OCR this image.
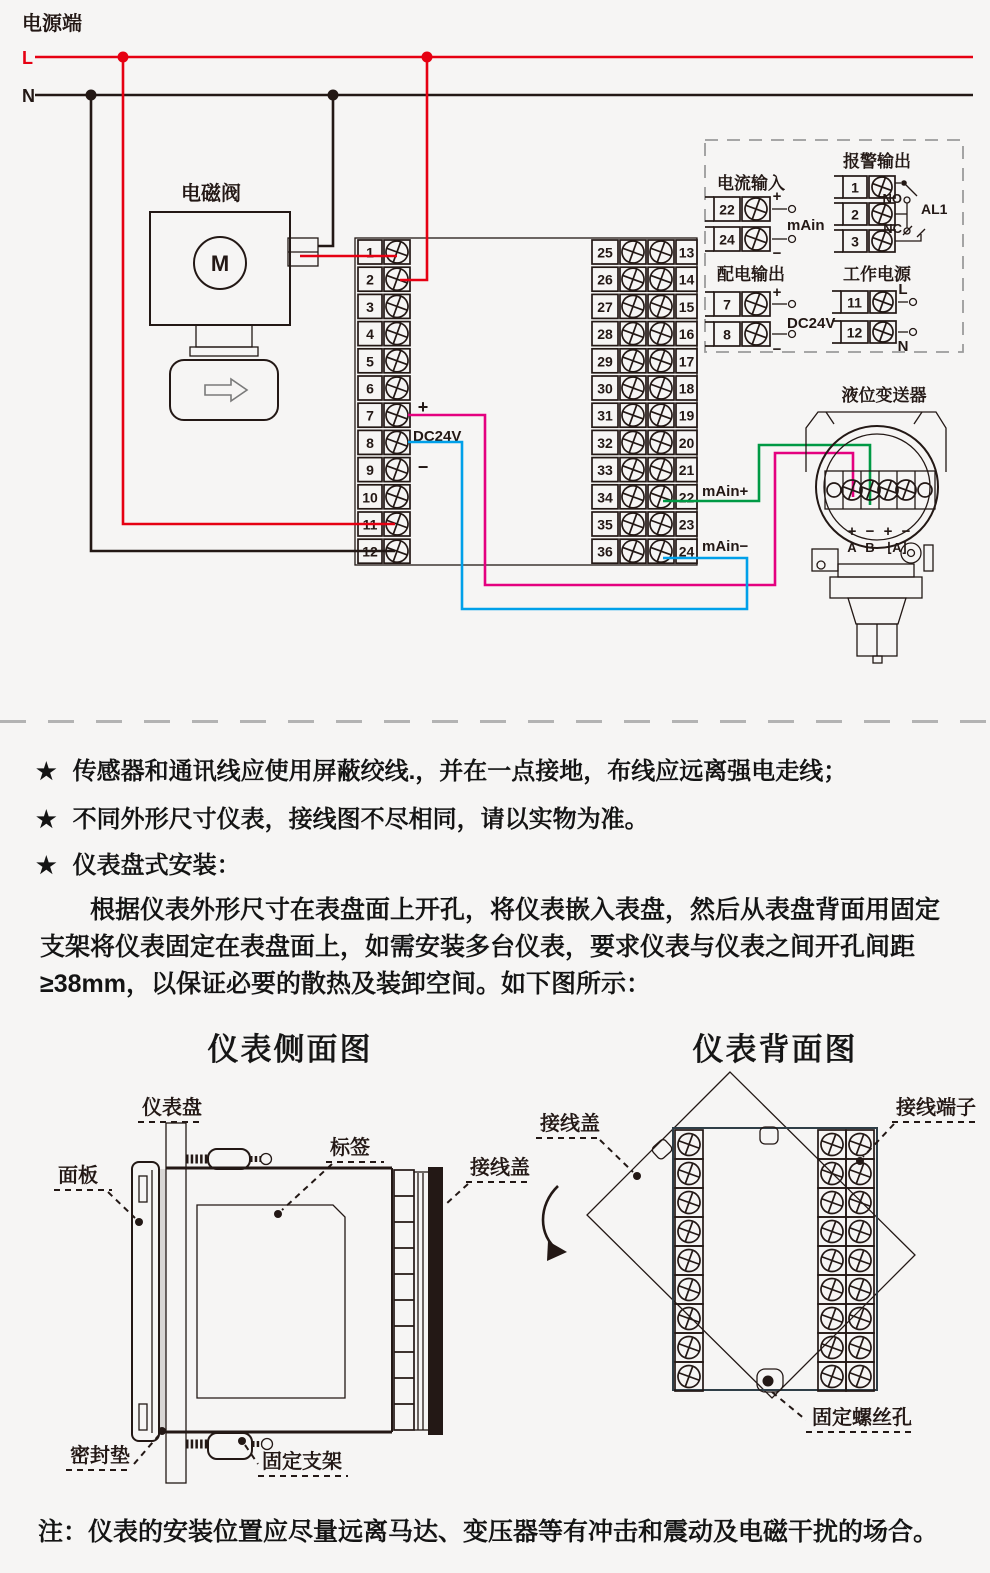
电源端
L
N
电磁阀
M	1
2
3
4
5
6
7
8
9
10
11
12
25	13
26	14
27	15
28	16
29	17
30	18
31	19
32	20
33	21
34	22
35	23
36	24
+
DC24V
−
mAin+
mAin−
电流输入
22
24
+
mAin
−
配电输出
7
8
+
DC24V
−
报警输出
1
2
3
NO
NC
AL1
工作电源
11
12
L
N
液位变送器
+ − + −
A B ⌊A⌋
★ 传感器和通讯线应使用屏蔽绞线.，并在一点接地，布线应远离强电走线；
★ 不同外形尺寸仪表，接线图不尽相同，请以实物为准。
★ 仪表盘式安装：
根据仪表外形尺寸在表盘面上开孔，将仪表嵌入表盘，然后从表盘背面用固定支架将仪表固定在表盘面上，如需安装多台仪表，要求仪表与仪表之间开孔间距≥38mm，以保证必要的散热及装卸空间。如下图所示：
仪表侧面图	仪表背面图
仪表盘
面板
标签
接线盖
密封垫	固定支架
接线盖
接线端子
固定螺丝孔
注：仪表的安装位置应尽量远离马达、变压器等有冲击和震动及电磁干扰的场合。
